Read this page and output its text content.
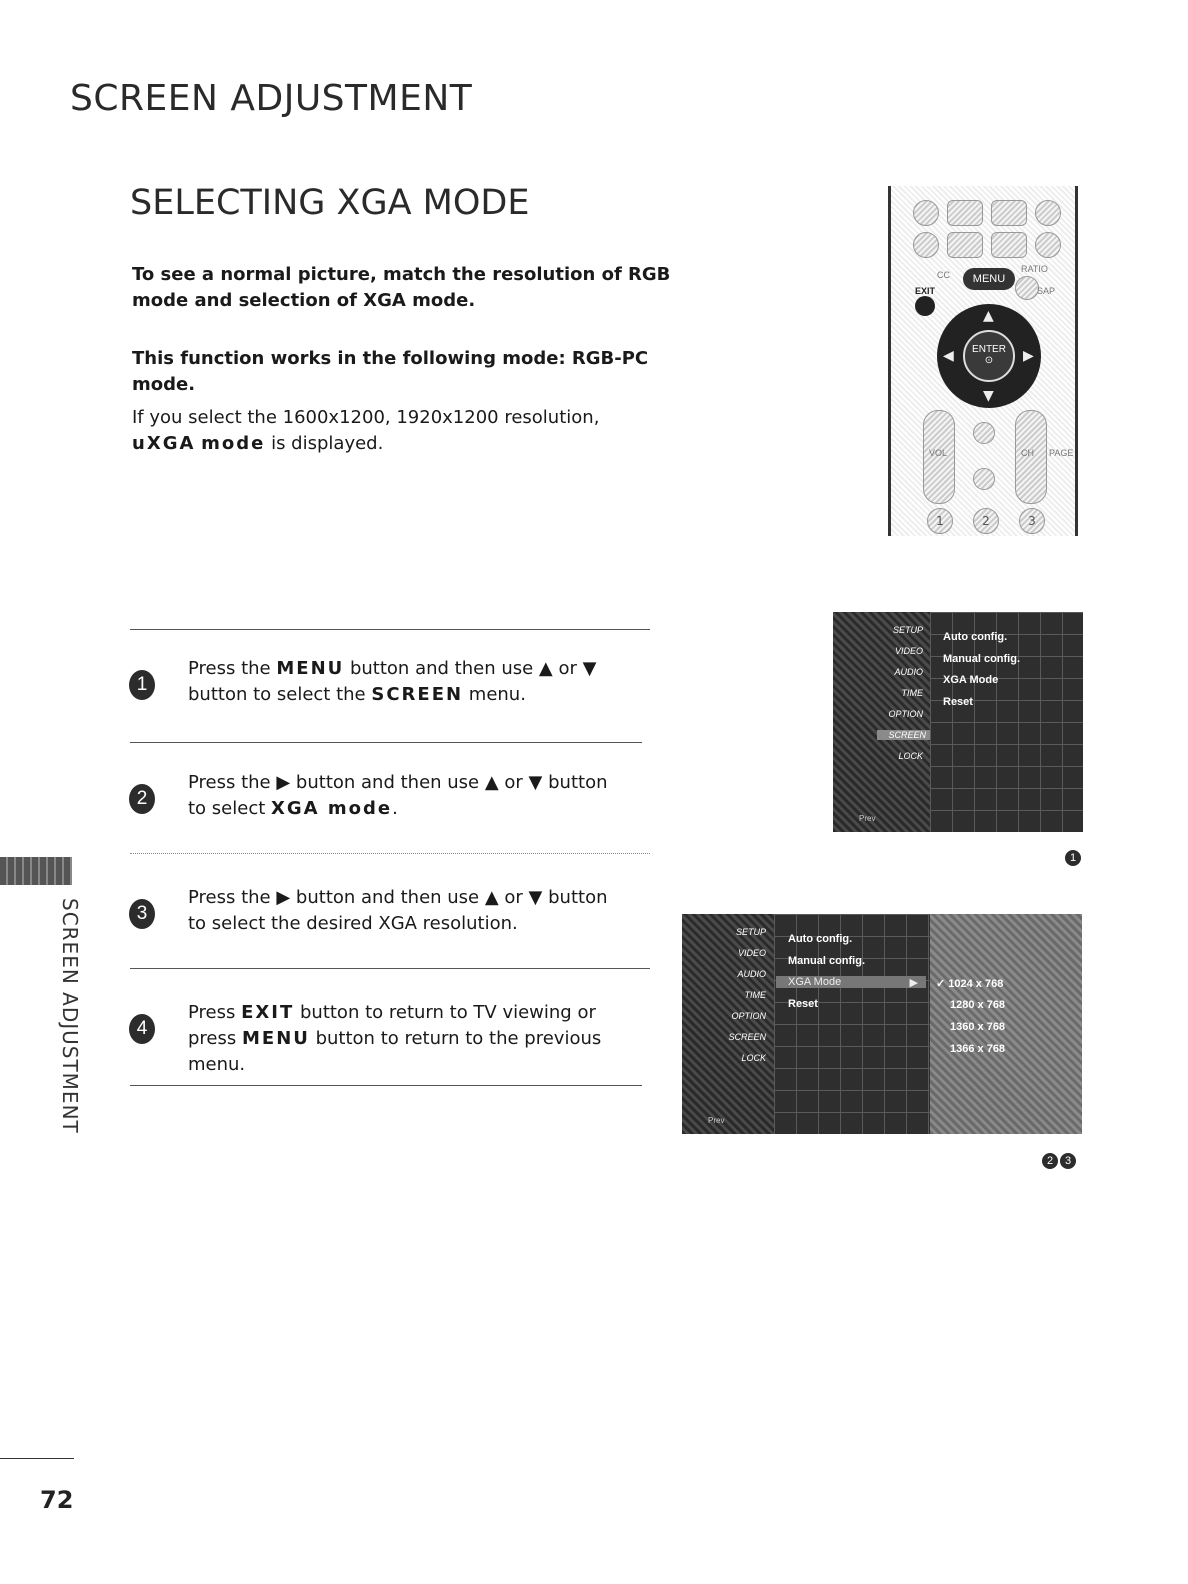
SCREEN ADJUSTMENT
SELECTING XGA MODE
To see a normal picture, match the resolution of RGB mode and selection of XGA mode.
This function works in the following mode: RGB-PC mode.
If you select the 1600x1200, 1920x1200 resolution, uXGA mode is displayed.
CC	MENU
RATIO
EXIT	SAP
▲
▼
◀	▶
ENTER
⊙
VOL	CH PAGE
1	2	3
1
Press the MENU button and then use ▲ or ▼ button to select the SCREEN menu.
2
Press the ▶ button and then use ▲ or ▼ button to select XGA mode.
3
Press the ▶ button and then use ▲ or ▼ button to select the desired XGA resolution.
4
Press EXIT button to return to TV viewing or press MENU button to return to the previous menu.
SETUP
VIDEO
AUDIO
TIME
OPTION
SCREEN
LOCK
Prev
Auto config.
Manual config.
XGA Mode
Reset
1
SETUP
VIDEO
AUDIO
TIME
OPTION
SCREEN
LOCK
Prev
Auto config.
Manual config.
XGA Mode	▶
Reset
✓ 1024 x 768
1280 x 768
1360 x 768
1366 x 768
2 3
SCREEN ADJUSTMENT
72
